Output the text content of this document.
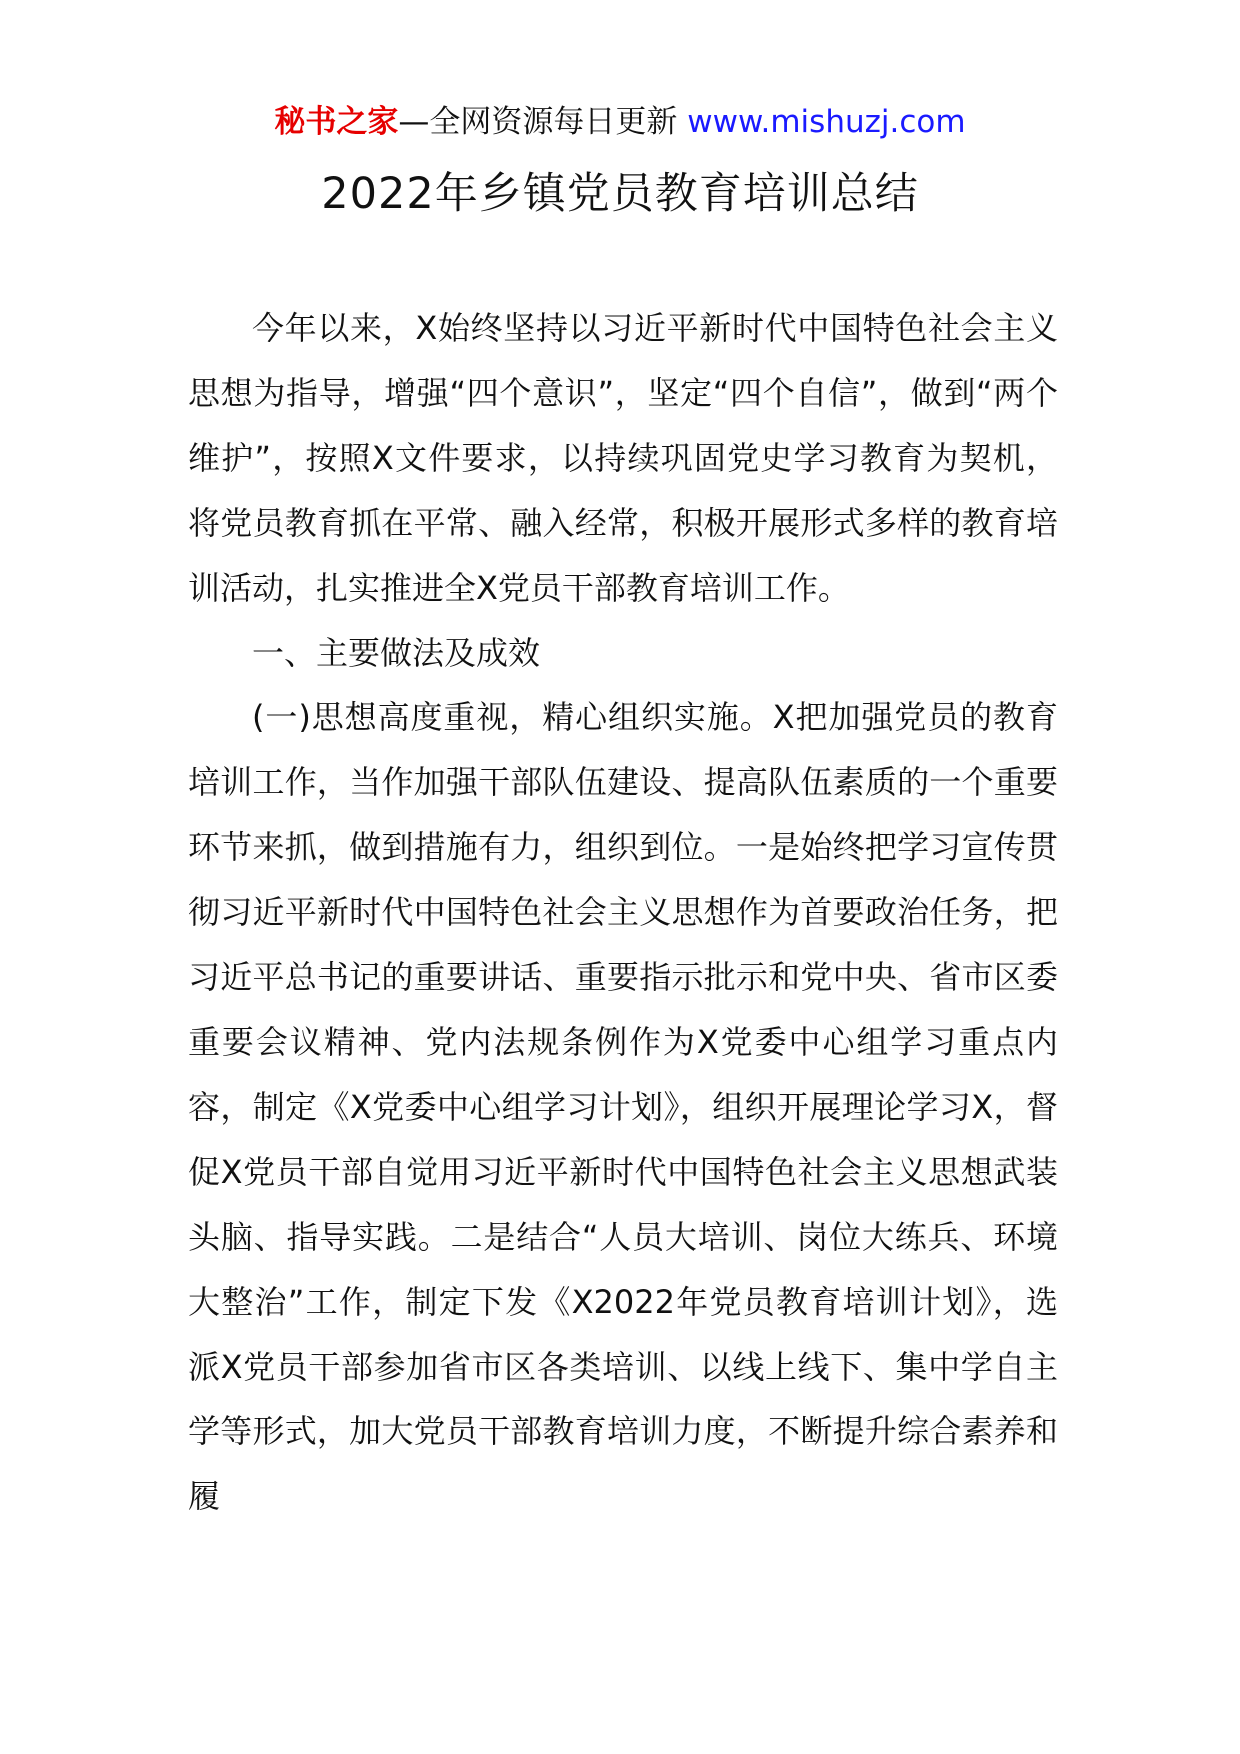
秘书之家—全网资源每日更新 www.mishuzj.com
2022年乡镇党员教育培训总结

今年以来，X始终坚持以习近平新时代中国特色社会主义思想为指导，增强“四个意识”，坚定“四个自信”，做到“两个维护”，按照X文件要求，以持续巩固党史学习教育为契机，将党员教育抓在平常、融入经常，积极开展形式多样的教育培训活动，扎实推进全X党员干部教育培训工作。

一、主要做法及成效

(一)思想高度重视，精心组织实施。X把加强党员的教育培训工作，当作加强干部队伍建设、提高队伍素质的一个重要环节来抓，做到措施有力，组织到位。一是始终把学习宣传贯彻习近平新时代中国特色社会主义思想作为首要政治任务，把习近平总书记的重要讲话、重要指示批示和党中央、省市区委重要会议精神、党内法规条例作为X党委中心组学习重点内容，制定《X党委中心组学习计划》，组织开展理论学习X，督促X党员干部自觉用习近平新时代中国特色社会主义思想武装头脑、指导实践。二是结合“人员大培训、岗位大练兵、环境大整治”工作，制定下发《X2022年党员教育培训计划》，选派X党员干部参加省市区各类培训、以线上线下、集中学自主学等形式，加大党员干部教育培训力度，不断提升综合素养和履
